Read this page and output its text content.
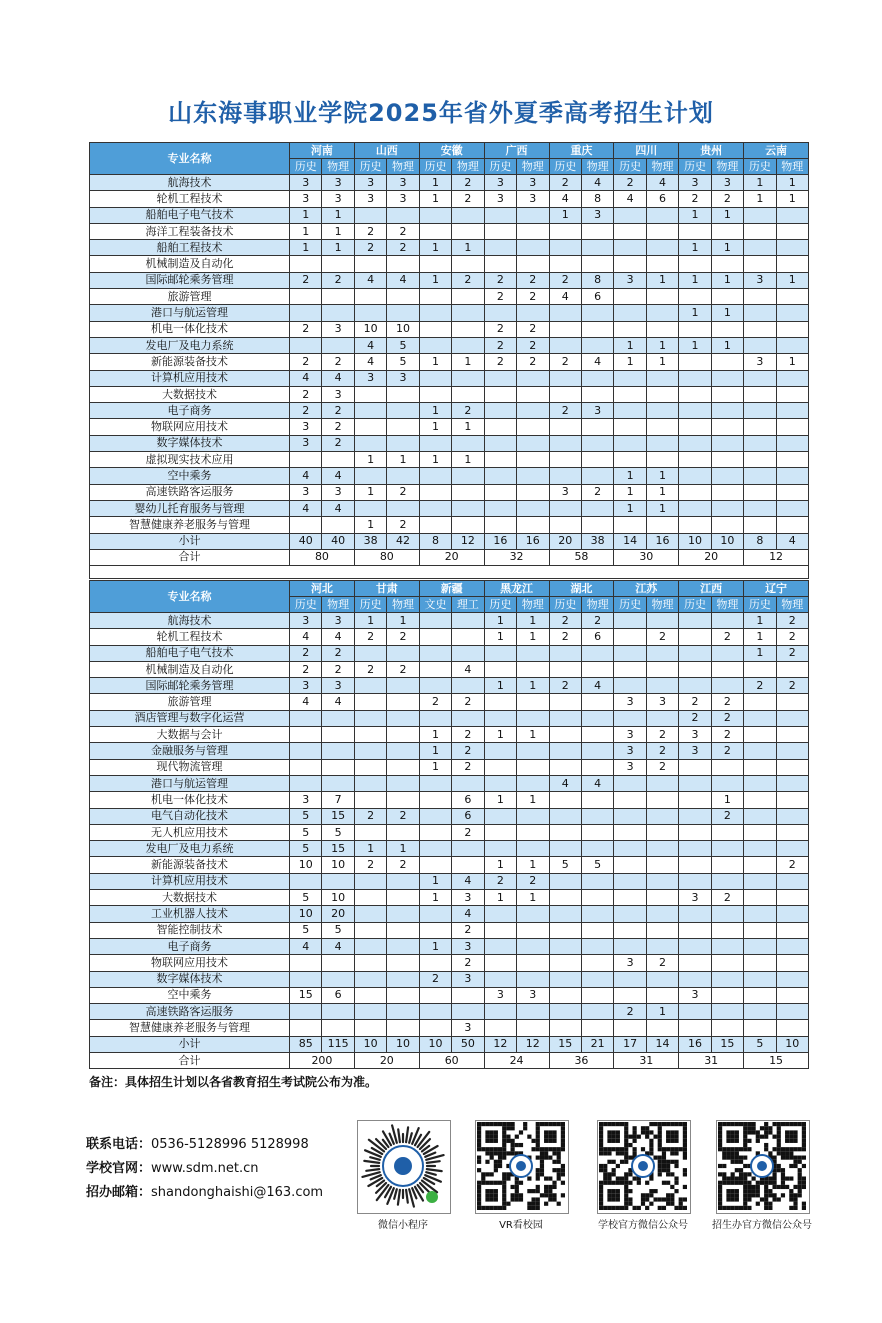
山东海事职业学院2025年省外夏季高考招生计划
专业名称	河南		山西		安徽		广西		重庆		四川		贵州		云南	
	历史	物理	历史	物理	历史	物理	历史	物理	历史	物理	历史	物理	历史	物理	历史	物理
航海技术	3	3	3	3	1	2	3	3	2	4	2	4	3	3	1	1
轮机工程技术	3	3	3	3	1	2	3	3	4	8	4	6	2	2	1	1
船舶电子电气技术	1	1							1	3			1	1		
海洋工程装备技术	1	1	2	2												
船舶工程技术	1	1	2	2	1	1							1	1		
机械制造及自动化																
国际邮轮乘务管理	2	2	4	4	1	2	2	2	2	8	3	1	1	1	3	1
旅游管理							2	2	4	6						
港口与航运管理													1	1		
机电一体化技术	2	3	10	10			2	2								
发电厂及电力系统			4	5			2	2			1	1	1	1		
新能源装备技术	2	2	4	5	1	1	2	2	2	4	1	1			3	1
计算机应用技术	4	4	3	3												
大数据技术	2	3														
电子商务	2	2			1	2			2	3						
物联网应用技术	3	2			1	1										
数字媒体技术	3	2														
虚拟现实技术应用			1	1	1	1										
空中乘务	4	4									1	1				
高速铁路客运服务	3	3	1	2					3	2	1	1				
婴幼儿托育服务与管理	4	4									1	1				
智慧健康养老服务与管理			1	2												
小计	40	40	38	42	8	12	16	16	20	38	14	16	10	10	8	4
合计	80		80		20		32		58		30		20		12	
专业名称	河北		甘肃		新疆		黑龙江		湖北		江苏		江西		辽宁	
	历史	物理	历史	物理	文史	理工	历史	物理	历史	物理	历史	物理	历史	物理	历史	物理
航海技术	3	3	1	1			1	1	2	2					1	2
轮机工程技术	4	4	2	2			1	1	2	6		2		2	1	2
船舶电子电气技术	2	2													1	2
机械制造及自动化	2	2	2	2		4										
国际邮轮乘务管理	3	3					1	1	2	4					2	2
旅游管理	4	4			2	2					3	3	2	2		
酒店管理与数字化运营													2	2		
大数据与会计					1	2	1	1			3	2	3	2		
金融服务与管理					1	2					3	2	3	2		
现代物流管理					1	2					3	2				
港口与航运管理									4	4						
机电一体化技术	3	7				6	1	1						1		
电气自动化技术	5	15	2	2		6								2		
无人机应用技术	5	5				2										
发电厂及电力系统	5	15	1	1												
新能源装备技术	10	10	2	2			1	1	5	5						2
计算机应用技术					1	4	2	2								
大数据技术	5	10			1	3	1	1					3	2		
工业机器人技术	10	20				4										
智能控制技术	5	5				2										
电子商务	4	4			1	3										
物联网应用技术						2					3	2				
数字媒体技术					2	3										
空中乘务	15	6					3	3					3			
高速铁路客运服务											2	1				
智慧健康养老服务与管理						3										
小计	85	115	10	10	10	50	12	12	15	21	17	14	16	15	5	10
合计	200		20		60		24		36		31		31		15	
备注：具体招生计划以各省教育招生考试院公布为准。
联系电话：0536-5128996 5128998
学校官网：www.sdm.net.cn
招办邮箱：shandonghaishi@163.com
微信小程序	VR看校园	学校官方微信公众号	招生办官方微信公众号
